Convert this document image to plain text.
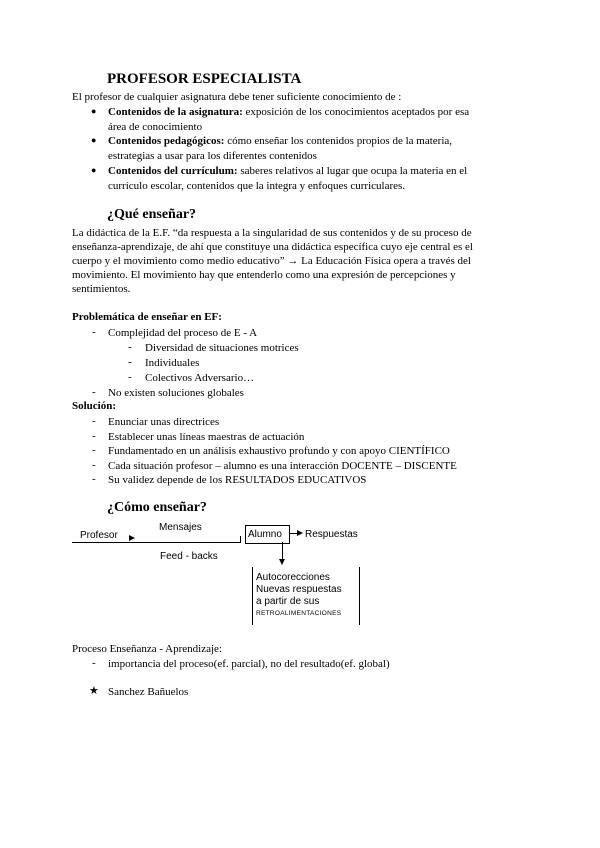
PROFESOR ESPECIALISTA
El profesor de cualquier asignatura debe tener suficiente conocimiento de :
● Contenidos de la asignatura: exposición de los conocimientos aceptados por esa
área de conocimiento
● Contenidos pedagógicos: cómo enseñar los contenidos propios de la materia,
estrategias a usar para los diferentes contenidos
● Contenidos del currículum: saberes relativos al lugar que ocupa la materia en el
currículo escolar, contenidos que la integra y enfoques curriculares.
¿Qué enseñar?
La didáctica de la E.F. “da respuesta a la singularidad de sus contenidos y de su proceso de
enseñanza-aprendizaje, de ahí que constituye una didáctica específica cuyo eje central es el
cuerpo y el movimiento como medio educativo” → La Educación Física opera a través del
movimiento. El movimiento hay que entenderlo como una expresión de percepciones y
sentimientos.
Problemática de enseñar en EF:
- Complejidad del proceso de E - A
- Diversidad de situaciones motrices
- Individuales
- Colectivos Adversario…
- No existen soluciones globales
Solución:
- Enunciar unas directrices
- Establecer unas líneas maestras de actuación
- Fundamentado en un análisis exhaustivo profundo y con apoyo CIENTÍFICO
- Cada situación profesor – alumno es una interacción DOCENTE – DISCENTE
- Su validez depende de los RESULTADOS EDUCATIVOS
¿Cómo enseñar?
Profesor
Mensajes
Alumno Respuestas
Feed - backs
Autocorecciones
Nuevas respuestas
a partir de sus
RETROALIMENTACIONES
Proceso Enseñanza - Aprendizaje:
- importancia del proceso(ef. parcial), no del resultado(ef. global)
★ Sanchez Bañuelos
